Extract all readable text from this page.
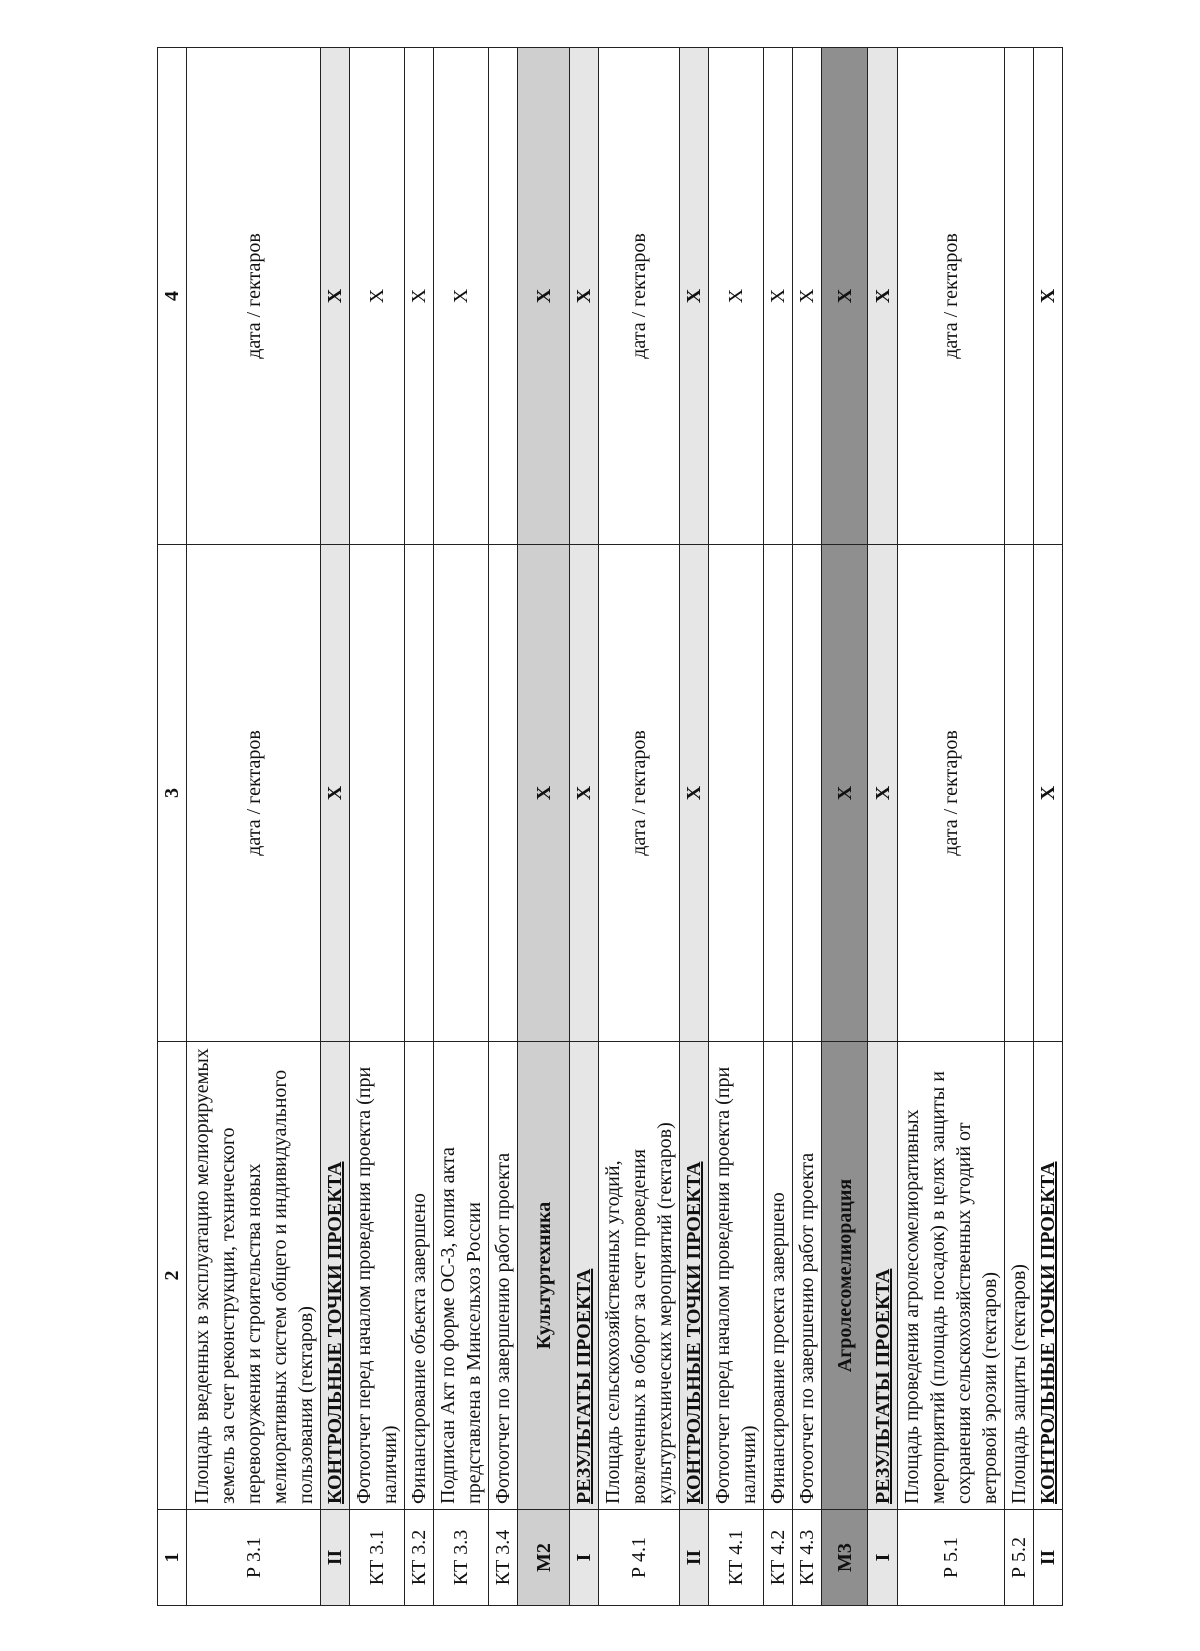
1	2	3	4
Р 3.1	Площадь введенных в эксплуатацию мелиорируемых земель за счет реконструкции, технического перевооружения и строительства новых мелиоративных систем общего и индивидуального пользования (гектаров)	дата / гектаров	дата / гектаров
II	КОНТРОЛЬНЫЕ ТОЧКИ ПРОЕКТА	X	X
КТ 3.1	Фотоотчет перед началом проведения проекта (при наличии)		X
КТ 3.2	Финансирование объекта завершено		X
КТ 3.3	Подписан Акт по форме ОС-3, копия акта представлена в Минсельхоз России		X
КТ 3.4	Фотоотчет по завершению работ проекта		
М2	Культуртехника	X	X
I	РЕЗУЛЬТАТЫ ПРОЕКТА	X	X
Р 4.1	Площадь сельскохозяйственных угодий, вовлеченных в оборот за счет проведения культуртехнических мероприятий (гектаров)	дата / гектаров	дата / гектаров
II	КОНТРОЛЬНЫЕ ТОЧКИ ПРОЕКТА	X	X
КТ 4.1	Фотоотчет перед началом проведения проекта (при наличии)		X
КТ 4.2	Финансирование проекта завершено		X
КТ 4.3	Фотоотчет по завершению работ проекта		X
М3	Агролесомелиорация	X	X
I	РЕЗУЛЬТАТЫ ПРОЕКТА	X	X
Р 5.1	Площадь проведения агролесомелиоративных мероприятий (площадь посадок) в целях защиты и сохранения сельскохозяйственных угодий от ветровой эрозии (гектаров)	дата / гектаров	дата / гектаров
Р 5.2	Площадь защиты (гектаров)		
II	КОНТРОЛЬНЫЕ ТОЧКИ ПРОЕКТА	X	X
